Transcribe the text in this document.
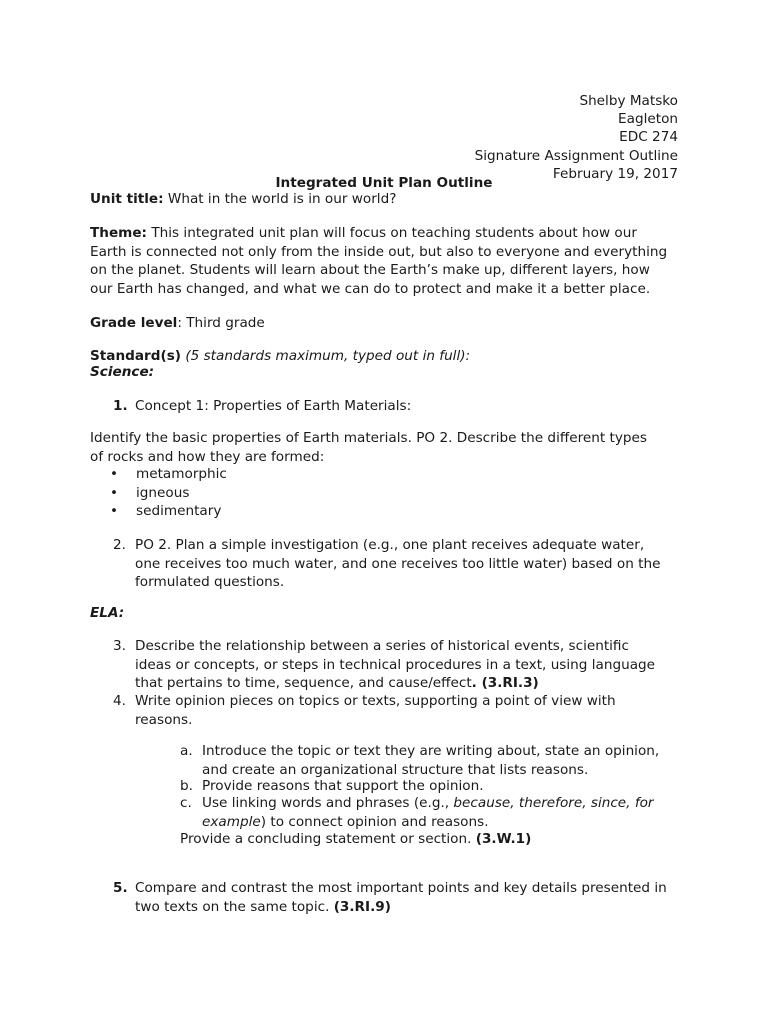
Shelby Matsko
Eagleton
EDC 274
Signature Assignment Outline
February 19, 2017
Integrated Unit Plan Outline
Unit title: What in the world is in our world?
Theme: This integrated unit plan will focus on teaching students about how our
Earth is connected not only from the inside out, but also to everyone and everything
on the planet. Students will learn about the Earth’s make up, different layers, how
our Earth has changed, and what we can do to protect and make it a better place.
Grade level: Third grade
Standard(s) (5 standards maximum, typed out in full):
Science:
1. Concept 1: Properties of Earth Materials:
Identify the basic properties of Earth materials. PO 2. Describe the different types
of rocks and how they are formed:
•	metamorphic
•	igneous
•	sedimentary
2. PO 2. Plan a simple investigation (e.g., one plant receives adequate water,
one receives too much water, and one receives too little water) based on the
formulated questions.
ELA:
3. Describe the relationship between a series of historical events, scientific
ideas or concepts, or steps in technical procedures in a text, using language
that pertains to time, sequence, and cause/effect. (3.RI.3)
4. Write opinion pieces on topics or texts, supporting a point of view with
reasons.
a. Introduce the topic or text they are writing about, state an opinion,
and create an organizational structure that lists reasons.
b. Provide reasons that support the opinion.
c. Use linking words and phrases (e.g., because, therefore, since, for
example) to connect opinion and reasons.
Provide a concluding statement or section. (3.W.1)
5. Compare and contrast the most important points and key details presented in
two texts on the same topic. (3.RI.9)
